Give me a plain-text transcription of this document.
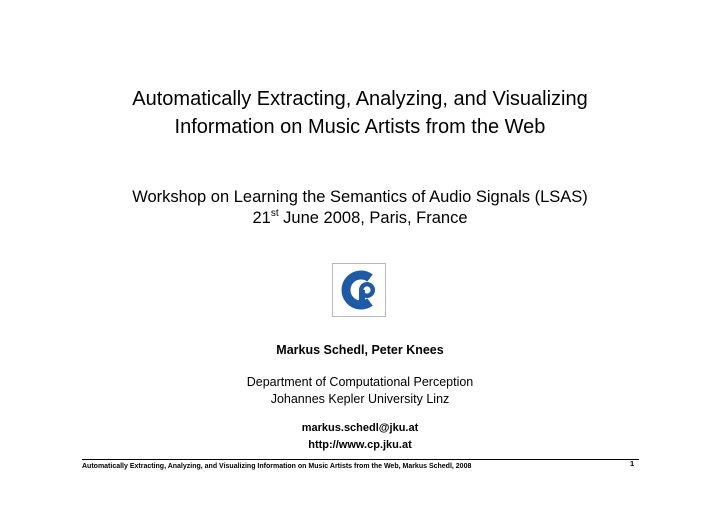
Automatically Extracting, Analyzing, and Visualizing
Information on Music Artists from the Web
Workshop on Learning the Semantics of Audio Signals (LSAS)
21st June 2008, Paris, France
Markus Schedl, Peter Knees
Department of Computational Perception
Johannes Kepler University Linz
markus.schedl@jku.at
http://www.cp.jku.at
Automatically Extracting, Analyzing, and Visualizing Information on Music Artists from the Web, Markus Schedl, 2008	1
